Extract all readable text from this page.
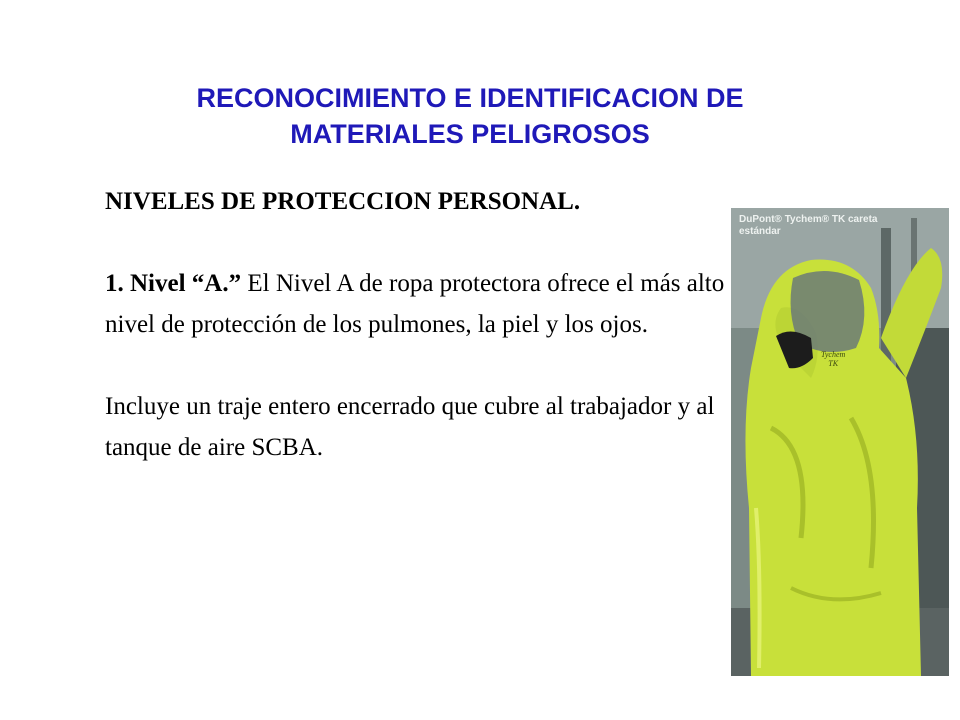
RECONOCIMIENTO E IDENTIFICACION DE
MATERIALES PELIGROSOS

NIVELES DE PROTECCION PERSONAL.

1. Nivel “A.” El Nivel A de ropa protectora ofrece el más alto nivel de protección de los pulmones, la piel y los ojos.

Incluye un traje entero encerrado que cubre al trabajador y al tanque de aire SCBA.

DuPont® Tychem® TK careta
estándar
Tychem
TK
